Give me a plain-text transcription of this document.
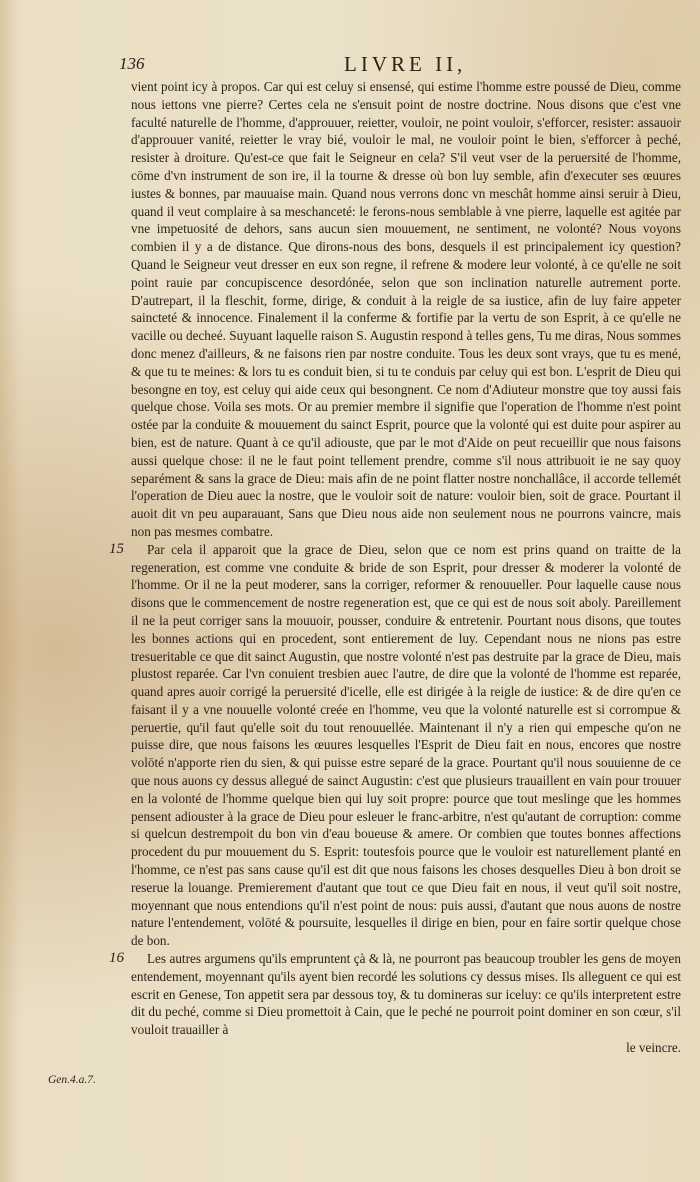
136	LIVRE II,

vient point icy à propos. Car qui est celuy si ensensé, qui estime l'homme estre poussé de Dieu, comme nous iettons vne pierre? Certes cela ne s'ensuit point de nostre doctrine. Nous disons que c'est vne faculté naturelle de l'homme, d'approuuer, reietter, vouloir, ne point vouloir, s'efforcer, resister: assauoir d'approuuer vanité, reietter le vray bié, vouloir le mal, ne vouloir point le bien, s'efforcer à peché, resister à droiture. Qu'est-ce que fait le Seigneur en cela? S'il veut vser de la peruersité de l'homme, cōme d'vn instrument de son ire, il la tourne & dresse où bon luy semble, afin d'executer ses œuures iustes & bonnes, par mauuaise main. Quand nous verrons donc vn meschât homme ainsi seruir à Dieu, quand il veut complaire à sa meschanceté: le ferons-nous semblable à vne pierre, laquelle est agitée par vne impetuosité de dehors, sans aucun sien mouuement, ne sentiment, ne volonté? Nous voyons combien il y a de distance. Que dirons-nous des bons, desquels il est principalement icy question? Quand le Seigneur veut dresser en eux son regne, il refrene & modere leur volonté, à ce qu'elle ne soit point rauie par concupiscence desordónée, selon que son inclination naturelle autrement porte. D'autrepart, il la fleschit, forme, dirige, & conduit à la reigle de sa iustice, afin de luy faire appeter saincteté & innocence. Finalement il la conferme & fortifie par la vertu de son Esprit, à ce qu'elle ne vacille ou decheé. Suyuant laquelle raison S. Augustin respond à telles gens, Tu me diras, Nous sommes donc menez d'ailleurs, & ne faisons rien par nostre conduite. Tous les deux sont vrays, que tu es mené, & que tu te meines: & lors tu es conduit bien, si tu te conduis par celuy qui est bon. L'esprit de Dieu qui besongne en toy, est celuy qui aide ceux qui besongnent. Ce nom d'Adiuteur monstre que toy aussi fais quelque chose. Voila ses mots. Or au premier membre il signifie que l'operation de l'homme n'est point ostée par la conduite & mouuement du sainct Esprit, pource que la volonté qui est duite pour aspirer au bien, est de nature. Quant à ce qu'il adiouste, que par le mot d'Aide on peut recueillir que nous faisons aussi quelque chose: il ne le faut point tellement prendre, comme s'il nous attribuoit ie ne say quoy separément & sans la grace de Dieu: mais afin de ne point flatter nostre nonchallâce, il accorde tellemét l'operation de Dieu auec la nostre, que le vouloir soit de nature: vouloir bien, soit de grace. Pourtant il auoit dit vn peu auparauant, Sans que Dieu nous aide non seulement nous ne pourrons vaincre, mais non pas mesmes combatre.

15	Par cela il apparoit que la grace de Dieu, selon que ce nom est prins quand on traitte de la regeneration, est comme vne conduite & bride de son Esprit, pour dresser & moderer la volonté de l'homme. Or il ne la peut moderer, sans la corriger, reformer & renouueller. Pour laquelle cause nous disons que le commencement de nostre regeneration est, que ce qui est de nous soit aboly. Pareillement il ne la peut corriger sans la mouuoir, pousser, conduire & entretenir. Pourtant nous disons, que toutes les bonnes actions qui en procedent, sont entierement de luy. Cependant nous ne nions pas estre tresueritable ce que dit sainct Augustin, que nostre volonté n'est pas destruite par la grace de Dieu, mais plustost reparée. Car l'vn conuient tresbien auec l'autre, de dire que la volonté de l'homme est reparée, quand apres auoir corrigé la peruersité d'icelle, elle est dirigée à la reigle de iustice: & de dire qu'en ce faisant il y a vne nouuelle volonté creée en l'homme, veu que la volonté naturelle est si corrompue & peruertie, qu'il faut qu'elle soit du tout renouuellée. Maintenant il n'y a rien qui empesche qu'on ne puisse dire, que nous faisons les œuures lesquelles l'Esprit de Dieu fait en nous, encores que nostre volōté n'apporte rien du sien, & qui puisse estre separé de la grace. Pourtant qu'il nous souuienne de ce que nous auons cy dessus allegué de sainct Augustin: c'est que plusieurs trauaillent en vain pour trouuer en la volonté de l'homme quelque bien qui luy soit propre: pource que tout meslinge que les hommes pensent adiouster à la grace de Dieu pour esleuer le franc-arbitre, n'est qu'autant de corruption: comme si quelcun destrempoit du bon vin d'eau boueuse & amere. Or combien que toutes bonnes affections procedent du pur mouuement du S. Esprit: toutesfois pource que le vouloir est naturellement planté en l'homme, ce n'est pas sans cause qu'il est dit que nous faisons les choses desquelles Dieu à bon droit se reserue la louange. Premierement d'autant que tout ce que Dieu fait en nous, il veut qu'il soit nostre, moyennant que nous entendions qu'il n'est point de nous: puis aussi, d'autant que nous auons de nostre nature l'entendement, volōté & poursuite, lesquelles il dirige en bien, pour en faire sortir quelque chose de bon.

16	Les autres argumens qu'ils empruntent çà & là, ne pourront pas beaucoup troubler les gens de moyen entendement, moyennant qu'ils ayent bien recordé les solutions cy dessus mises. Ils alleguent ce qui est escrit en Genese, Ton appetit sera par dessous toy, & tu domineras sur iceluy: ce qu'ils interpretent estre dit du peché, comme si Dieu promettoit à Cain, que le peché ne pourroit point dominer en son cœur, s'il vouloit trauailler à

le veincre.

Gen.4.a.7.
